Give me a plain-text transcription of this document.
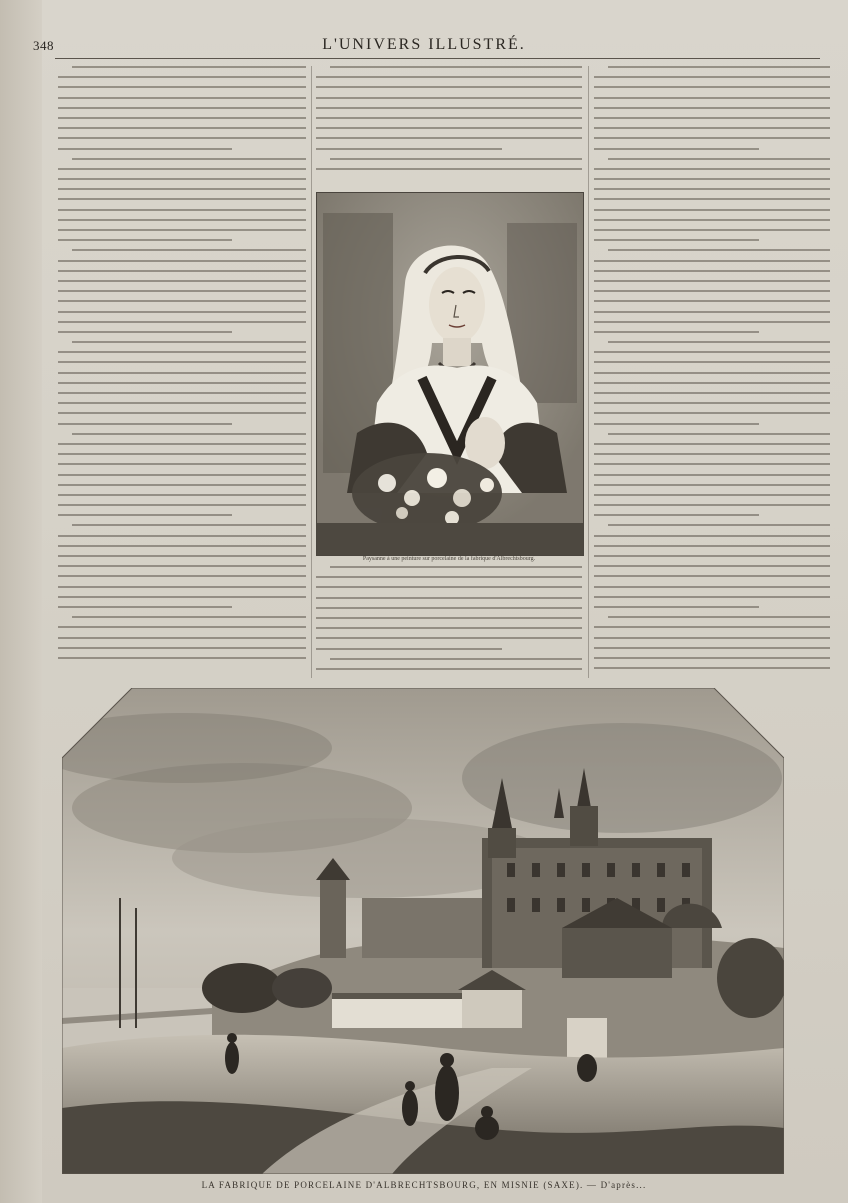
348	L'UNIVERS ILLUSTRÉ.
Paysanne à une peinture sur porcelaine de la fabrique d'Albrechtsbourg.
LA FABRIQUE DE PORCELAINE D'ALBRECHTSBOURG, EN MISNIE (SAXE). — D'après...
